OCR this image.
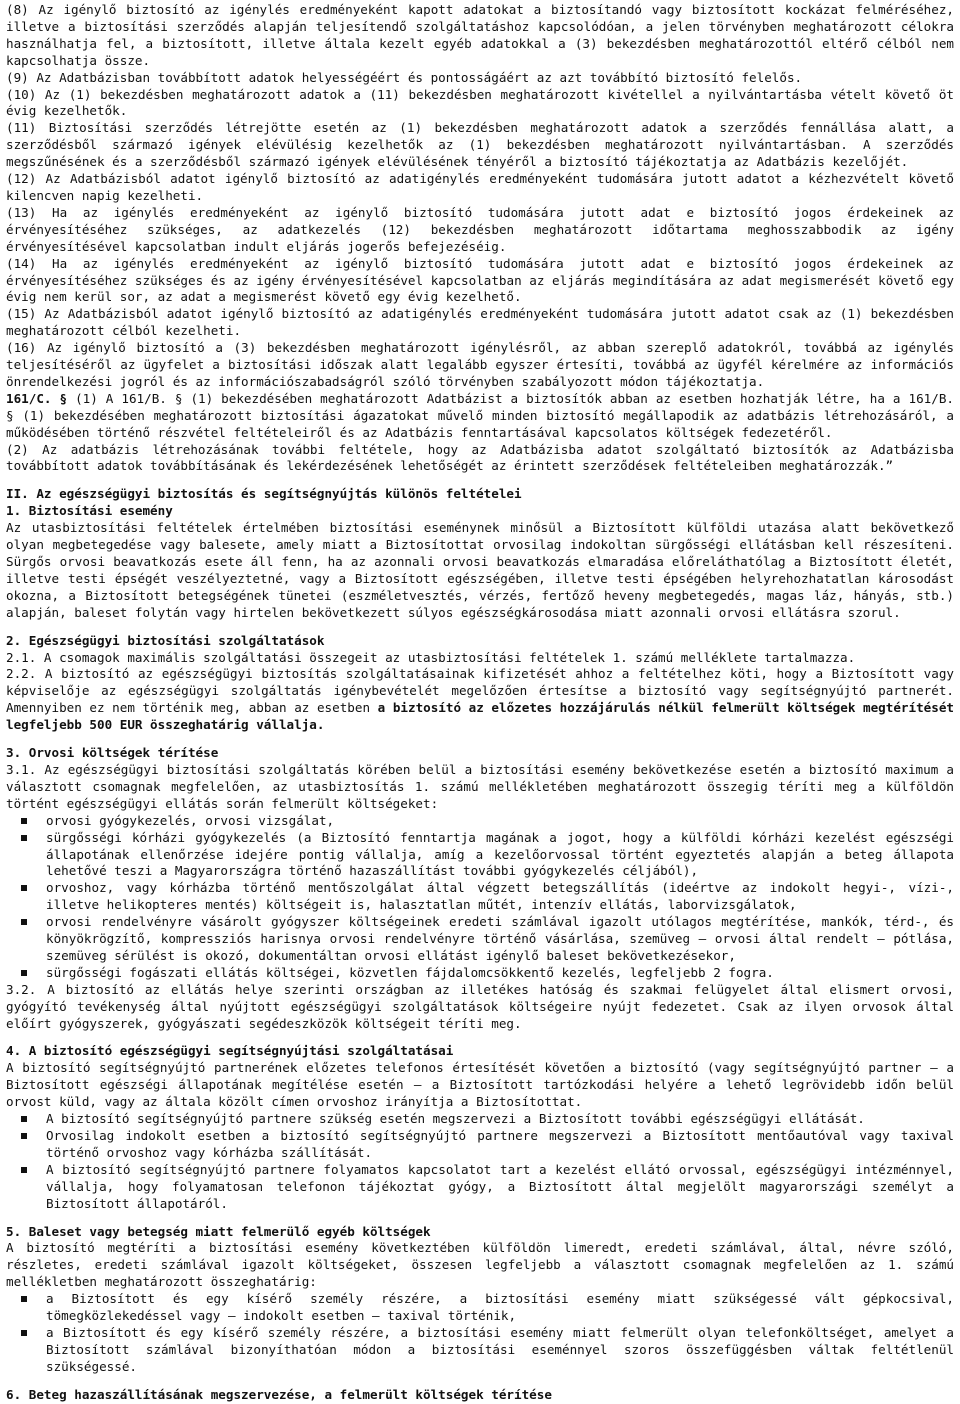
(8) Az igénylő biztosító az igénylés eredményeként kapott adatokat a biztosítandó vagy biztosított kockázat felméréséhez, illetve a biztosítási szerződés alapján teljesítendő szolgáltatáshoz kapcsolódóan, a jelen törvényben meghatározott célokra használhatja fel, a biztosított, illetve általa kezelt egyéb adatokkal a (3) bekezdésben meghatározottól eltérő célból nem kapcsolhatja össze.

(9) Az Adatbázisban továbbított adatok helyességéért és pontosságáért az azt továbbító biztosító felelős.

(10) Az (1) bekezdésben meghatározott adatok a (11) bekezdésben meghatározott kivétellel a nyilvántartásba vételt követő öt évig kezelhetők.

(11) Biztosítási szerződés létrejötte esetén az (1) bekezdésben meghatározott adatok a szerződés fennállása alatt, a szerződésből származó igények elévülésig kezelhetők az (1) bekezdésben meghatározott nyilvántartásban. A szerződés megszűnésének és a szerződésből származó igények elévülésének tényéről a biztosító tájékoztatja az Adatbázis kezelőjét.

(12) Az Adatbázisból adatot igénylő biztosító az adatigénylés eredményeként tudomására jutott adatot a kézhezvételt követő kilencven napig kezelheti.

(13) Ha az igénylés eredményeként az igénylő biztosító tudomására jutott adat e biztosító jogos érdekeinek az érvényesítéséhez szükséges, az adatkezelés (12) bekezdésben meghatározott időtartama meghosszabbodik az igény érvényesítésével kapcsolatban indult eljárás jogerős befejezéséig.

(14) Ha az igénylés eredményeként az igénylő biztosító tudomására jutott adat e biztosító jogos érdekeinek az érvényesítéséhez szükséges és az igény érvényesítésével kapcsolatban az eljárás megindítására az adat megismerését követő egy évig nem kerül sor, az adat a megismerést követő egy évig kezelhető.

(15) Az Adatbázisból adatot igénylő biztosító az adatigénylés eredményeként tudomására jutott adatot csak az (1) bekezdésben meghatározott célból kezelheti.

(16) Az igénylő biztosító a (3) bekezdésben meghatározott igénylésről, az abban szereplő adatokról, továbbá az igénylés teljesítéséről az ügyfelet a biztosítási időszak alatt legalább egyszer értesíti, továbbá az ügyfél kérelmére az információs önrendelkezési jogról és az információszabadságról szóló törvényben szabályozott módon tájékoztatja.

161/C. § (1) A 161/B. § (1) bekezdésében meghatározott Adatbázist a biztosítók abban az esetben hozhatják létre, ha a 161/B. § (1) bekezdésében meghatározott biztosítási ágazatokat művelő minden biztosító megállapodik az adatbázis létrehozásáról, a működésében történő részvétel feltételeiről és az Adatbázis fenntartásával kapcsolatos költségek fedezetéről.

(2) Az adatbázis létrehozásának további feltétele, hogy az Adatbázisba adatot szolgáltató biztosítók az Adatbázisba továbbított adatok továbbításának és lekérdezésének lehetőségét az érintett szerződések feltételeiben meghatározzák.”

II. Az egészségügyi biztosítás és segítségnyújtás különös feltételei

1. Biztosítási esemény

Az utasbiztosítási feltételek értelmében biztosítási eseménynek minősül a Biztosított külföldi utazása alatt bekövetkező olyan megbetegedése vagy balesete, amely miatt a Biztosítottat orvosilag indokoltan sürgősségi ellátásban kell részesíteni. Sürgős orvosi beavatkozás esete áll fenn, ha az azonnali orvosi beavatkozás elmaradása előreláthatólag a Biztosított életét, illetve testi épségét veszélyeztetné, vagy a Biztosított egészségében, illetve testi épségében helyrehozhatatlan károsodást okozna, a Biztosított betegségének tünetei (eszméletvesztés, vérzés, fertőző heveny megbetegedés, magas láz, hányás, stb.) alapján, baleset folytán vagy hirtelen bekövetkezett súlyos egészségkárosodása miatt azonnali orvosi ellátásra szorul.

2. Egészségügyi biztosítási szolgáltatások

2.1. A csomagok maximális szolgáltatási összegeit az utasbiztosítási feltételek 1. számú melléklete tartalmazza.

2.2. A biztosító az egészségügyi biztosítás szolgáltatásainak kifizetését ahhoz a feltételhez köti, hogy a Biztosított vagy képviselője az egészségügyi szolgáltatás igénybevételét megelőzően értesítse a biztosító vagy segítségnyújtó partnerét. Amennyiben ez nem történik meg, abban az esetben a biztosító az előzetes hozzájárulás nélkül felmerült költségek megtérítését legfeljebb 500 EUR összeghatárig vállalja.

3. Orvosi költségek térítése

3.1. Az egészségügyi biztosítási szolgáltatás körében belül a biztosítási esemény bekövetkezése esetén a biztosító maximum a választott csomagnak megfelelően, az utasbiztosítás 1. számú mellékletében meghatározott összegig téríti meg a külföldön történt egészségügyi ellátás során felmerült költségeket:

orvosi gyógykezelés, orvosi vizsgálat,
sürgősségi kórházi gyógykezelés (a Biztosító fenntartja magának a jogot, hogy a külföldi kórházi kezelést egészségi állapotának ellenőrzése idejére pontig vállalja, amíg a kezelőorvossal történt egyeztetés alapján a beteg állapota lehetővé teszi a Magyarországra történő hazaszállítást további gyógykezelés céljából),
orvoshoz, vagy kórházba történő mentőszolgálat által végzett betegszállítás (ideértve az indokolt hegyi-, vízi-, illetve helikopteres mentés) költségeit is, halasztatlan műtét, intenzív ellátás, laborvizsgálatok,
orvosi rendelvényre vásárolt gyógyszer költségeinek eredeti számlával igazolt utólagos megtérítése, mankók, térd-, és könyökrögzítő, kompressziós harisnya orvosi rendelvényre történő vásárlása, szemüveg — orvosi által rendelt — pótlása, szemüveg sérülést is okozó, dokumentáltan orvosi ellátást igénylő baleset bekövetkezésekor,
sürgősségi fogászati ellátás költségei, közvetlen fájdalomcsökkentő kezelés, legfeljebb 2 fogra.

3.2. A biztosító az ellátás helye szerinti országban az illetékes hatóság és szakmai felügyelet által elismert orvosi, gyógyító tevékenység által nyújtott egészségügyi szolgáltatások költségeire nyújt fedezetet. Csak az ilyen orvosok által előírt gyógyszerek, gyógyászati segédeszközök költségeit téríti meg.

4. A biztosító egészségügyi segítségnyújtási szolgáltatásai

A biztosító segítségnyújtó partnerének előzetes telefonos értesítését követően a biztosító (vagy segítségnyújtó partner — a Biztosított egészségi állapotának megítélése esetén — a Biztosított tartózkodási helyére a lehető legrövidebb időn belül orvost küld, vagy az általa közölt címen orvoshoz irányítja a Biztosítottat.

A biztosító segítségnyújtó partnere szükség esetén megszervezi a Biztosított további egészségügyi ellátását.
Orvosilag indokolt esetben a biztosító segítségnyújtó partnere megszervezi a Biztosított mentőautóval vagy taxival történő orvoshoz vagy kórházba szállítását.
A biztosító segítségnyújtó partnere folyamatos kapcsolatot tart a kezelést ellátó orvossal, egészségügyi intézménnyel, vállalja, hogy folyamatosan telefonon tájékoztat gyógy, a Biztosított által megjelölt magyarországi személyt a Biztosított állapotáról.

5. Baleset vagy betegség miatt felmerülő egyéb költségek

A biztosító megtéríti a biztosítási esemény következtében külföldön limeredt, eredeti számlával, által, névre szóló, részletes, eredeti számlával igazolt költségeket, összesen legfeljebb a választott csomagnak megfelelően az 1. számú mellékletben meghatározott összeghatárig:

a Biztosított és egy kísérő személy részére, a biztosítási esemény miatt szükségessé vált gépkocsival, tömegközlekedéssel vagy — indokolt esetben — taxival történik,
a Biztosított és egy kísérő személy részére, a biztosítási esemény miatt felmerült olyan telefonköltséget, amelyet a Biztosított számlával bizonyíthatóan módon a biztosítási eseménnyel szoros összefüggésben váltak feltétlenül szükségessé.

6. Beteg hazaszállításának megszervezése, a felmerült költségek térítése
